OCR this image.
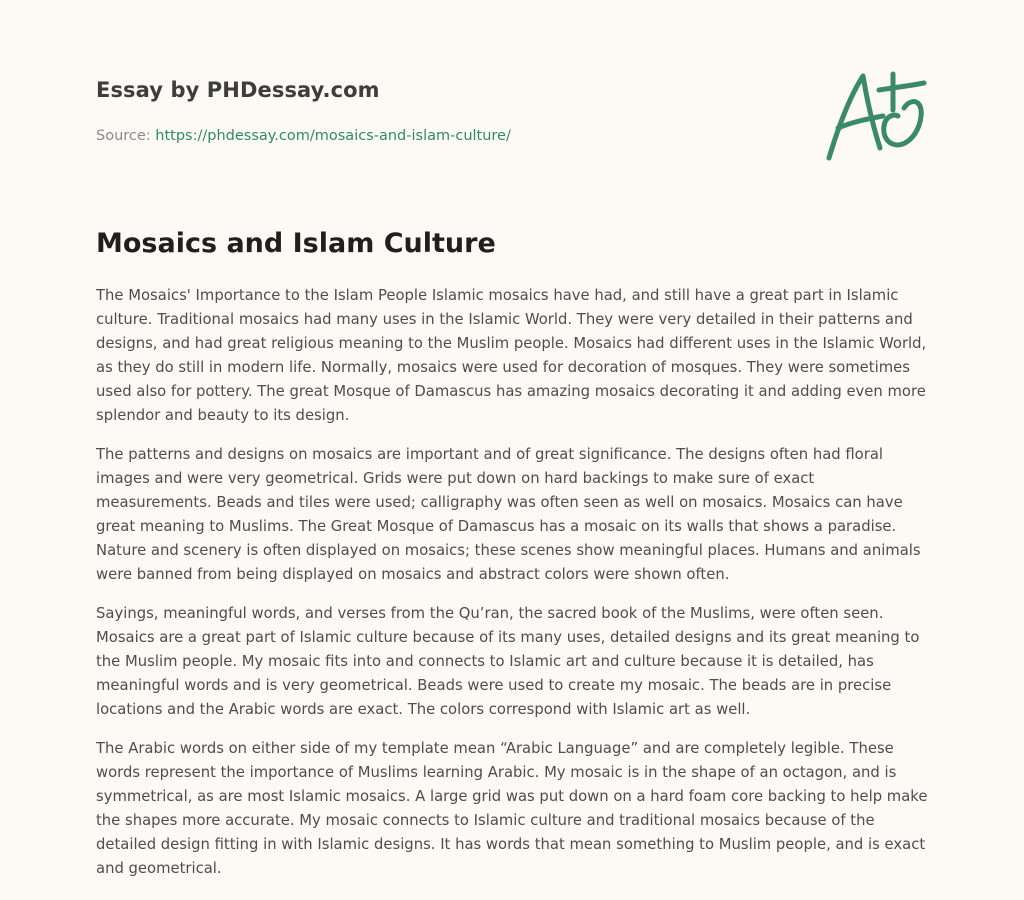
Essay by PHDessay.com
Source: https://phdessay.com/mosaics-and-islam-culture/
Mosaics and Islam Culture

The Mosaics' Importance to the Islam People Islamic mosaics have had, and still have a great part in Islamic culture. Traditional mosaics had many uses in the Islamic World. They were very detailed in their patterns and designs, and had great religious meaning to the Muslim people. Mosaics had different uses in the Islamic World, as they do still in modern life. Normally, mosaics were used for decoration of mosques. They were sometimes used also for pottery. The great Mosque of Damascus has amazing mosaics decorating it and adding even more splendor and beauty to its design.

The patterns and designs on mosaics are important and of great significance. The designs often had floral images and were very geometrical. Grids were put down on hard backings to make sure of exact measurements. Beads and tiles were used; calligraphy was often seen as well on mosaics. Mosaics can have great meaning to Muslims. The Great Mosque of Damascus has a mosaic on its walls that shows a paradise. Nature and scenery is often displayed on mosaics; these scenes show meaningful places. Humans and animals were banned from being displayed on mosaics and abstract colors were shown often.

Sayings, meaningful words, and verses from the Qu’ran, the sacred book of the Muslims, were often seen. Mosaics are a great part of Islamic culture because of its many uses, detailed designs and its great meaning to the Muslim people. My mosaic fits into and connects to Islamic art and culture because it is detailed, has meaningful words and is very geometrical. Beads were used to create my mosaic. The beads are in precise locations and the Arabic words are exact. The colors correspond with Islamic art as well.

The Arabic words on either side of my template mean “Arabic Language” and are completely legible. These words represent the importance of Muslims learning Arabic. My mosaic is in the shape of an octagon, and is symmetrical, as are most Islamic mosaics. A large grid was put down on a hard foam core backing to help make the shapes more accurate. My mosaic connects to Islamic culture and traditional mosaics because of the detailed design fitting in with Islamic designs. It has words that mean something to Muslim people, and is exact and geometrical.
